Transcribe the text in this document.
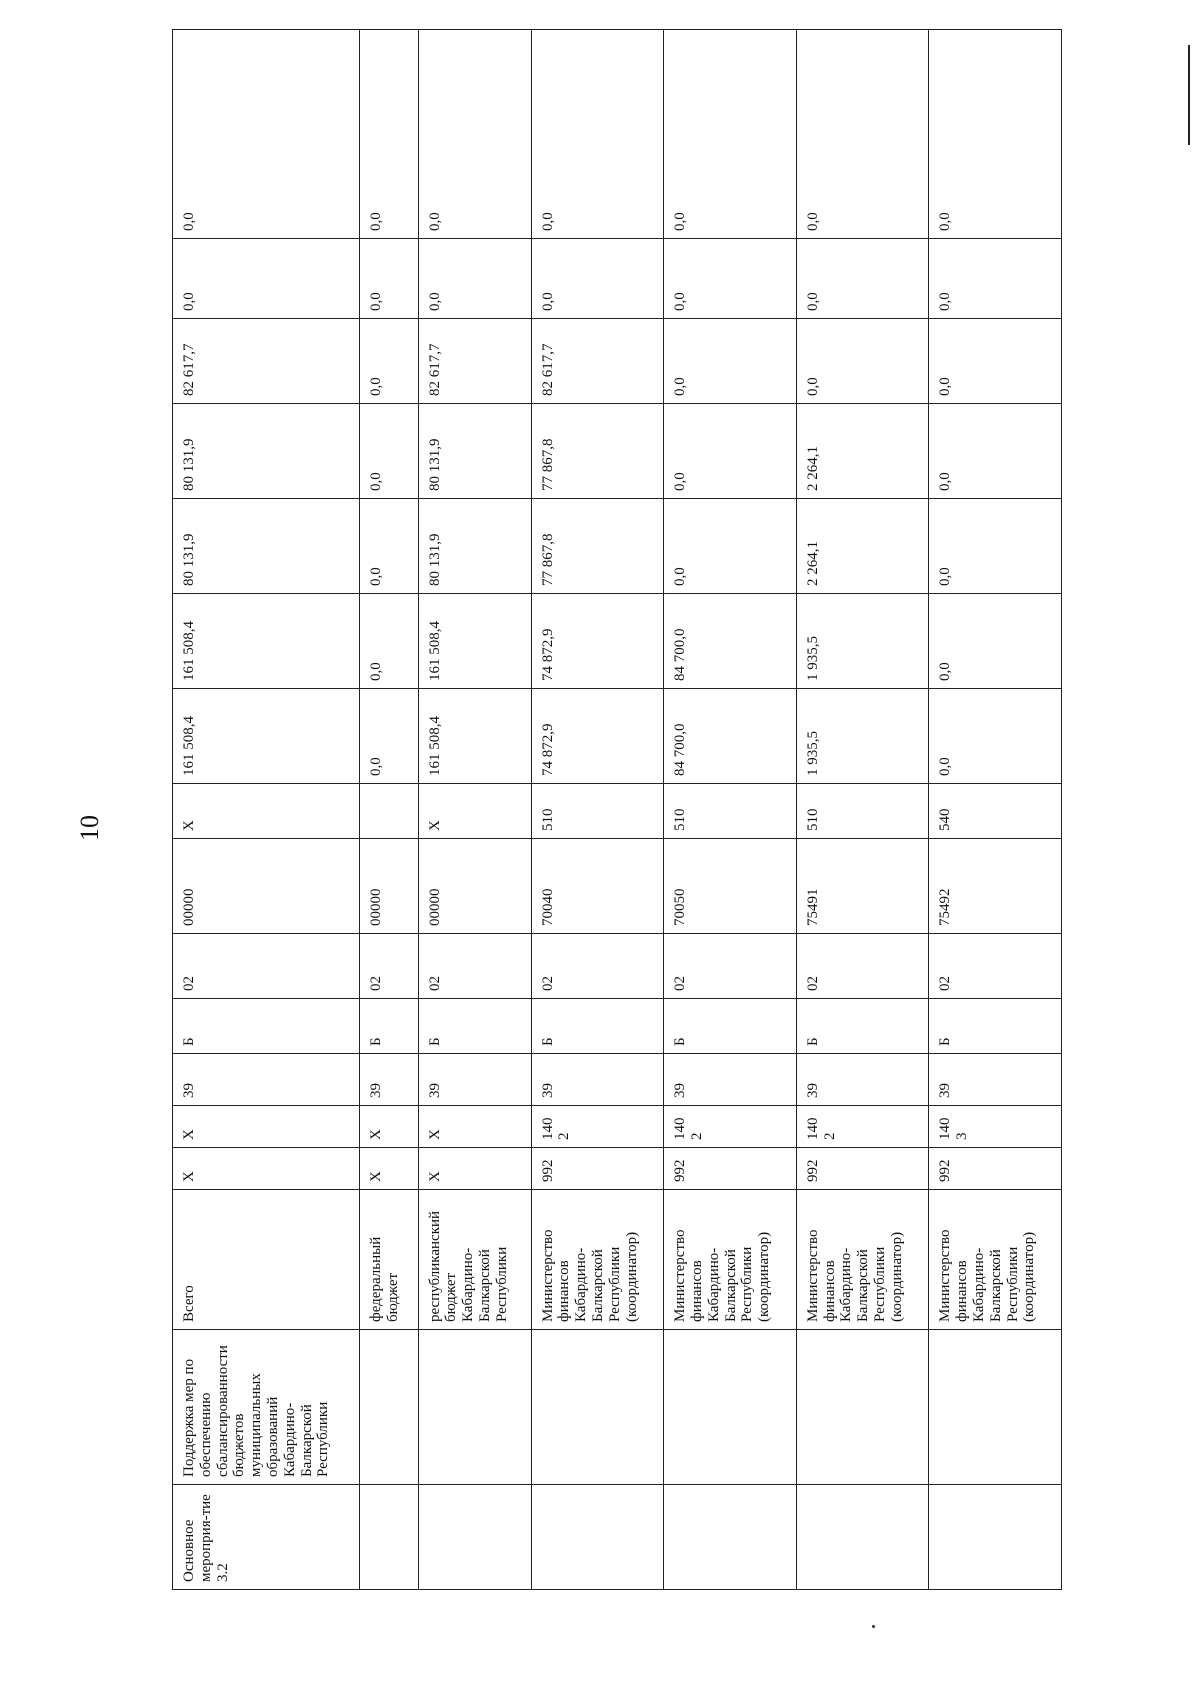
10
Основное мероприя-тие 3.2	Поддержка мер по обеспечению сбалансированности бюджетов муниципальных образований Кабардино-Балкарской Республики	Всего	Х	Х	39	Б	02	00000	Х	161 508,4	161 508,4	80 131,9	80 131,9	82 617,7	0,0	0,0
		федеральный бюджет	Х	Х	39	Б	02	00000		0,0	0,0	0,0	0,0	0,0	0,0	0,0
		республиканский бюджет Кабардино-Балкарской Республики	Х	Х	39	Б	02	00000	Х	161 508,4	161 508,4	80 131,9	80 131,9	82 617,7	0,0	0,0
		Министерство финансов Кабардино-Балкарской Республики (координатор)	992	1402	39	Б	02	70040	510	74 872,9	74 872,9	77 867,8	77 867,8	82 617,7	0,0	0,0
		Министерство финансов Кабардино-Балкарской Республики (координатор)	992	1402	39	Б	02	70050	510	84 700,0	84 700,0	0,0	0,0	0,0	0,0	0,0
		Министерство финансов Кабардино-Балкарской Республики (координатор)	992	1402	39	Б	02	75491	510	1 935,5	1 935,5	2 264,1	2 264,1	0,0	0,0	0,0
		Министерство финансов Кабардино-Балкарской Республики (координатор)	992	1403	39	Б	02	75492	540	0,0	0,0	0,0	0,0	0,0	0,0	0,0
